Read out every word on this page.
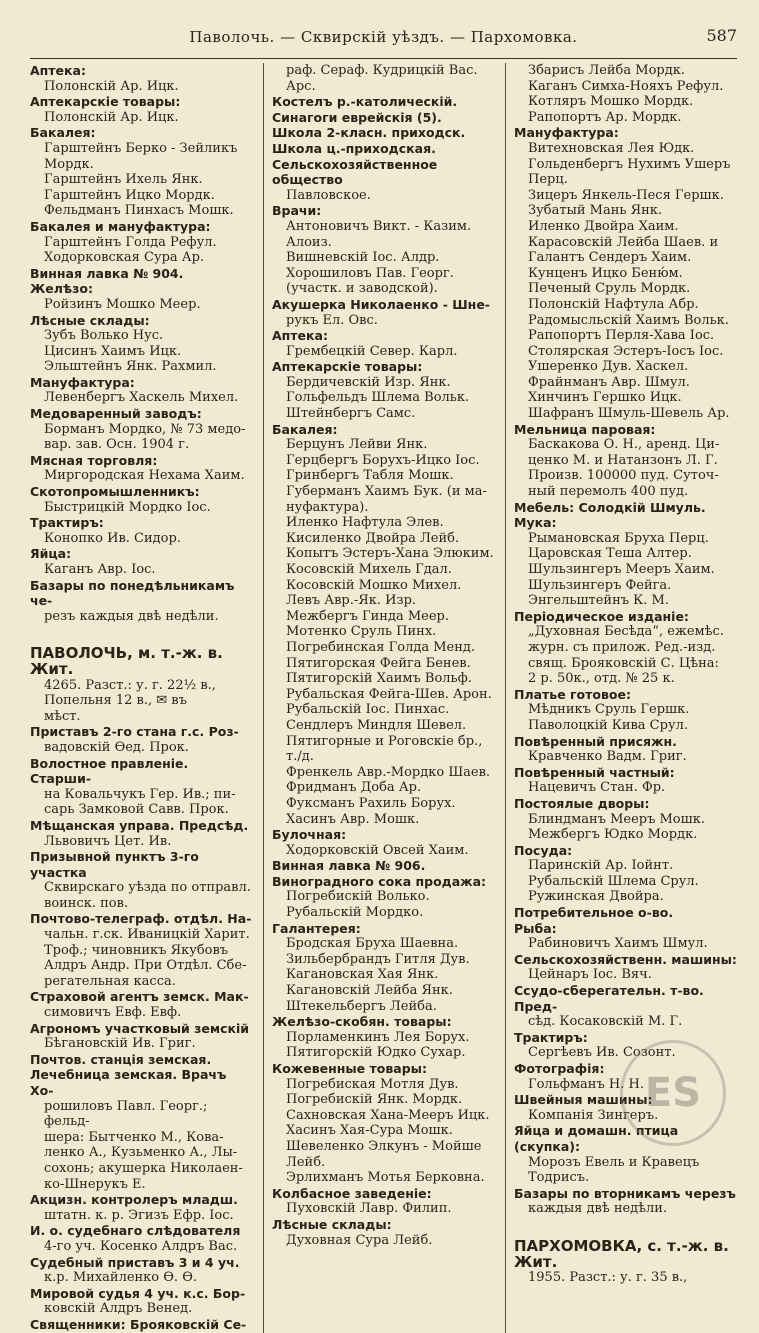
Паволочь. — Сквирскій уѣздъ. — Пархомовка.	587
Аптека:
Полонскій Ар. Ицк.
Аптекарскіе товары:
Полонскій Ар. Ицк.
Бакалея:
Гарштейнъ Берко - Зейликъ
Мордк.
Гарштейнъ Ихель Янк.
Гарштейнъ Ицко Мордк.
Фельдманъ Пинхасъ Мошк.
Бакалея и мануфактура:
Гарштейнъ Голда Рефул.
Ходорковская Сура Ар.
Винная лавка № 904.
Желѣзо:
Ройзинъ Мошко Меер.
Лѣсные склады:
Зубъ Волько Нус.
Цисинъ Хаимъ Ицк.
Эльштейнъ Янк. Рахмил.
Мануфактура:
Левенбергъ Хаскель Михел.
Медоваренный заводъ:
Борманъ Мордко, № 73 медо-
вар. зав. Осн. 1904 г.
Мясная торговля:
Миргородская Нехама Хаим.
Скотопромышленникъ:
Быстрицкій Мордко Іос.
Трактиръ:
Конопко Ив. Сидор.
Яйца:
Каганъ Авр. Іос.
Базары по понедѣльникамъ че-
резъ каждыя двѣ недѣли.
ПАВОЛОЧЬ, м. т.-ж. в. Жит.
4265. Разст.: у. г. 22½ в.,
Попельня 12 в., ✉ въ
мѣст.
Приставъ 2-го стана г.с. Роз-
вадовскій Ѳед. Прок.
Волостное правленіе. Старши-
на Ковальчукъ Гер. Ив.; пи-
сарь Замковой Савв. Прок.
Мѣщанская управа. Предсѣд.
Львовичъ Цет. Ив.
Призывной пунктъ 3-го участка
Сквирскаго уѣзда по отправл.
воинск. пов.
Почтово-телеграф. отдѣл. На-
чальн. г.ск. Иваницкій Харит.
Троф.; чиновникъ Якубовъ
Алдръ Андр. При Отдѣл. Сбе-
регательная касса.
Страховой агентъ земск. Мак-
симовичъ Евф. Евф.
Агрономъ участковый земскій
Бѣгановскій Ив. Григ.
Почтов. станція земская.
Лечебница земская. Врачъ Хо-
рошиловъ Павл. Георг.; фельд-
шера: Бытченко М., Кова-
ленко А., Кузьменко А., Лы-
сохонь; акушерка Николаен-
ко-Шнерукъ Е.
Акцизн. контролеръ младш.
штатн. к. р. Эгизъ Ефр. Іос.
И. о. судебнаго слѣдователя
4-го уч. Косенко Алдръ Вас.
Судебный приставъ 3 и 4 уч.
к.р. Михайленко Ѳ. Ѳ.
Мировой судья 4 уч. к.с. Бор-
ковскій Алдръ Венед.
Священники: Брояковскій Се-
раф. Сераф. Кудрицкій Вас.
Арс.
Костелъ р.-католическій.
Синагоги еврейскія (5).
Школа 2-класн. приходск.
Школа ц.-приходская.
Сельскохозяйственное общество
Павловское.
Врачи:
Антоновичъ Викт. - Казим.
Алоиз.
Вишневскій Іос. Алдр.
Хорошиловъ Пав. Георг.
(участк. и заводской).
Акушерка Николаенко - Шне-
рукъ Ел. Овс.
Аптека:
Грембецкій Север. Карл.
Аптекарскіе товары:
Бердичевскій Изр. Янк.
Гольфельдъ Шлема Вольк.
Штейнбергъ Самс.
Бакалея:
Берцунъ Лейви Янк.
Герцбергъ Борухъ-Ицко Іос.
Гринбергъ Табля Мошк.
Губерманъ Хаимъ Бук. (и ма-
нуфактура).
Иленко Нафтула Элев.
Кисиленко Двойра Лейб.
Копытъ Эстеръ-Хана Элюким.
Косовскій Михель Гдал.
Косовскій Мошко Михел.
Левъ Авр.-Як. Изр.
Межбергъ Гинда Меер.
Мотенко Сруль Пинх.
Погребинская Голда Менд.
Пятигорская Фейга Бенев.
Пятигорскій Хаимъ Вольф.
Рубальская Фейга-Шев. Арон.
Рубальскій Іос. Пинхас.
Сендлеръ Миндля Шевел.
Пятигорные и Роговскіе бр.,
т./д.
Френкель Авр.-Мордко Шаев.
Фридманъ Доба Ар.
Фуксманъ Рахиль Борух.
Хасинъ Авр. Мошк.
Булочная:
Ходорковскій Овсей Хаим.
Винная лавка № 906.
Виноградного сока продажа:
Погребискій Волько.
Рубальскій Мордко.
Галантерея:
Бродская Бруха Шаевна.
Зильбербрандъ Гитля Дув.
Кагановская Хая Янк.
Кагановскій Лейба Янк.
Штекельбергъ Лейба.
Желѣзо-скобян. товары:
Порламенкинъ Лея Борух.
Пятигорскій Юдко Сухар.
Кожевенные товары:
Погребиская Мотля Дув.
Погребискій Янк. Мордк.
Сахновская Хана-Мееръ Ицк.
Хасинъ Хая-Сура Мошк.
Шевеленко Элкунъ - Мойше
Лейб.
Эрлихманъ Мотья Берковна.
Колбасное заведеніе:
Пуховскій Лавр. Филип.
Лѣсные склады:
Духовная Сура Лейб.
Збарисъ Лейба Мордк.
Каганъ Симха-Нояхъ Рефул.
Котляръ Мошко Мордк.
Рапопортъ Ар. Мордк.
Мануфактура:
Витехновская Лея Юдк.
Гольденбергъ Нухимъ Ушеръ
Перц.
Зицеръ Янкель-Песя Гершк.
Зубатый Мань Янк.
Иленко Двойра Хаим.
Карасовскій Лейба Шаев. и
Галантъ Сендеръ Хаим.
Кунценъ Ицко Беню́м.
Печеный Сруль Мордк.
Полонскій Нафтула Абр.
Радомысльскій Хаимъ Вольк.
Рапопортъ Перля-Хава Іос.
Столярская Эстеръ-Іосъ Іос.
Ушеренко Дув. Хаскел.
Фрайнманъ Авр. Шмул.
Хинчинъ Гершко Ицк.
Шафранъ Шмуль-Шевель Ар.
Мельница паровая:
Баскакова О. Н., аренд. Ци-
ценко М. и Натанзонъ Л. Г.
Произв. 100000 пуд. Суточ-
ный перемолъ 400 пуд.
Мебель: Солодкій Шмуль.
Мука:
Рымановская Бруха Перц.
Царовская Теша Алтер.
Шульзингеръ Мееръ Хаим.
Шульзингеръ Фейга.
Энгельштейнъ К. М.
Періодическое изданіе:
„Духовная Бесѣда“, ежемѣс.
журн. съ прилож. Ред.-изд.
свящ. Брояковскій С. Цѣна:
2 р. 50к., отд. № 25 к.
Платье готовое:
Мѣдникъ Сруль Гершк.
Паволоцкій Кива Срул.
Повѣренный присяжн.
Кравченко Вадм. Григ.
Повѣренный частный:
Нацевичъ Стан. Фр.
Постоялые дворы:
Блиндманъ Мееръ Мошк.
Межбергъ Юдко Мордк.
Посуда:
Паринскій Ар. Іойнт.
Рубальскій Шлема Срул.
Ружинская Двойра.
Потребительное о-во.
Рыба:
Рабиновичъ Хаимъ Шмул.
Сельскохозяйственн. машины:
Цейнаръ Іос. Вяч.
Ссудо-сберегательн. т-во. Пред-
сѣд. Косаковскій М. Г.
Трактиръ:
Сергѣевъ Ив. Созонт.
Фотографія:
Гольфманъ Н. Н.
Швейныя машины:
Компанія Зингеръ.
Яйца и домашн. птица (скупка):
Морозъ Евель и Кравецъ
Тодрисъ.
Базары по вторникамъ черезъ
каждыя двѣ недѣли.
ПАРХОМОВКА, с. т.-ж. в. Жит.
1955. Разст.: у. г. 35 в.,
ES
